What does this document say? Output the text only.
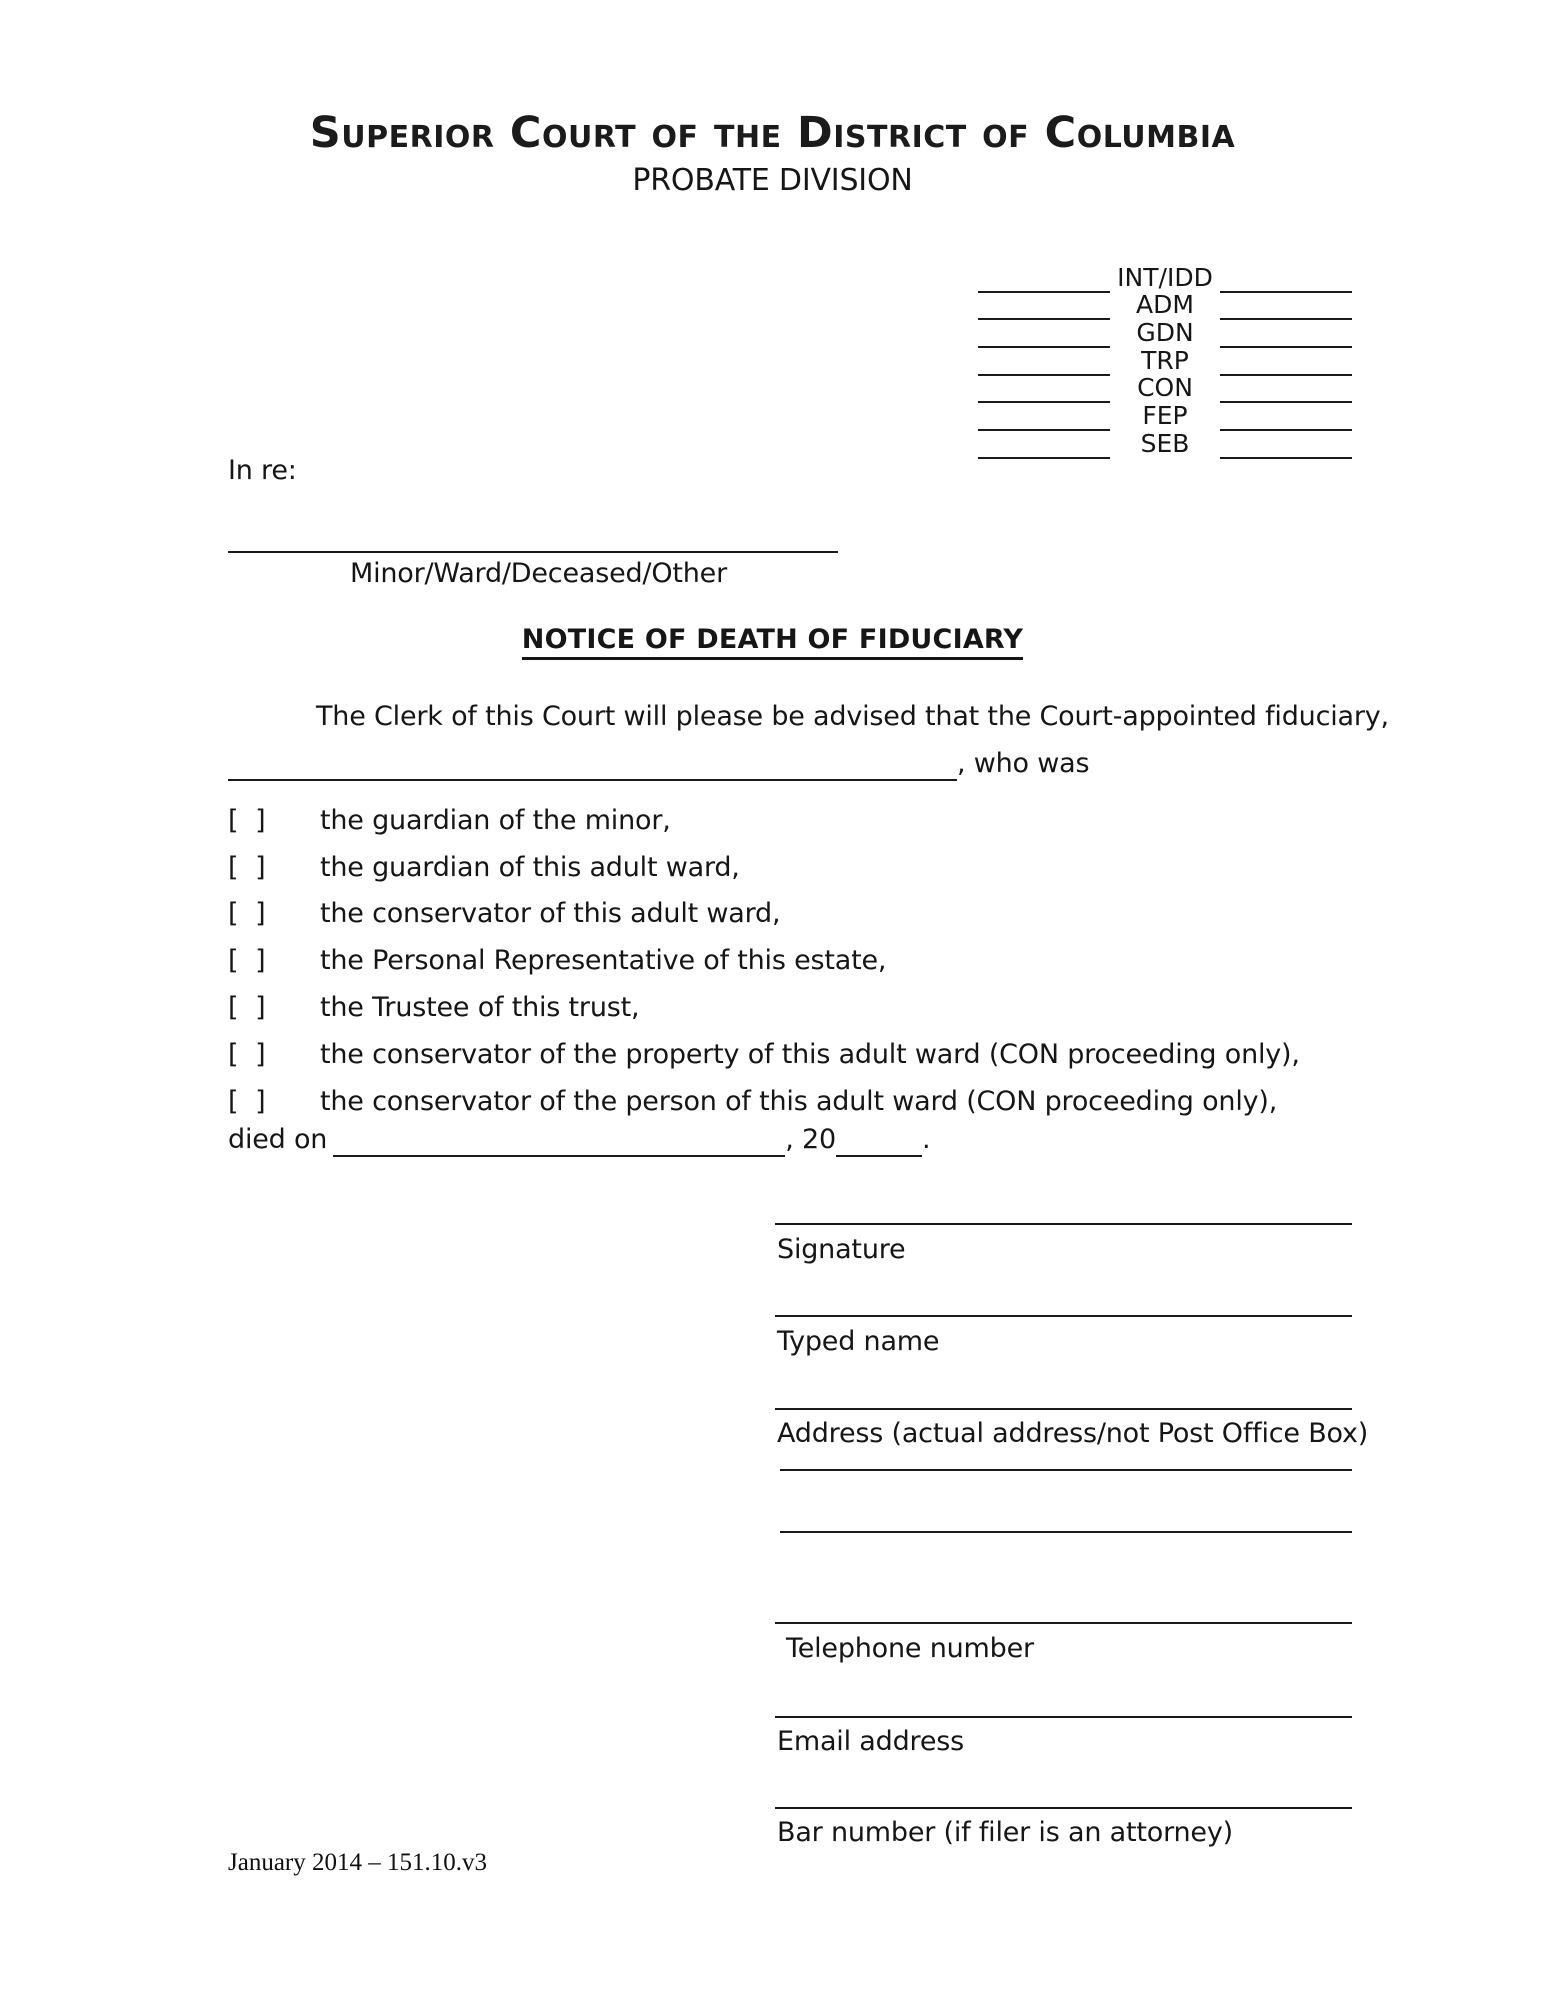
Superior Court of the District of Columbia
PROBATE DIVISION
INT/IDD
ADM
GDN
TRP
CON
FEP
SEB
In re:
Minor/Ward/Deceased/Other
NOTICE OF DEATH OF FIDUCIARY
The Clerk of this Court will please be advised that the Court-appointed fiduciary,
, who was
[  ]	the guardian of the minor,
[  ]	the guardian of this adult ward,
[  ]	the conservator of this adult ward,
[  ]	the Personal Representative of this estate,
[  ]	the Trustee of this trust,
[  ]	the conservator of the property of this adult ward (CON proceeding only),
[  ]	the conservator of the person of this adult ward (CON proceeding only),
died on	, 20	.
Signature
Typed name
Address (actual address/not Post Office Box)
Telephone number
Email address
Bar number (if filer is an attorney)
January 2014 – 151.10.v3
